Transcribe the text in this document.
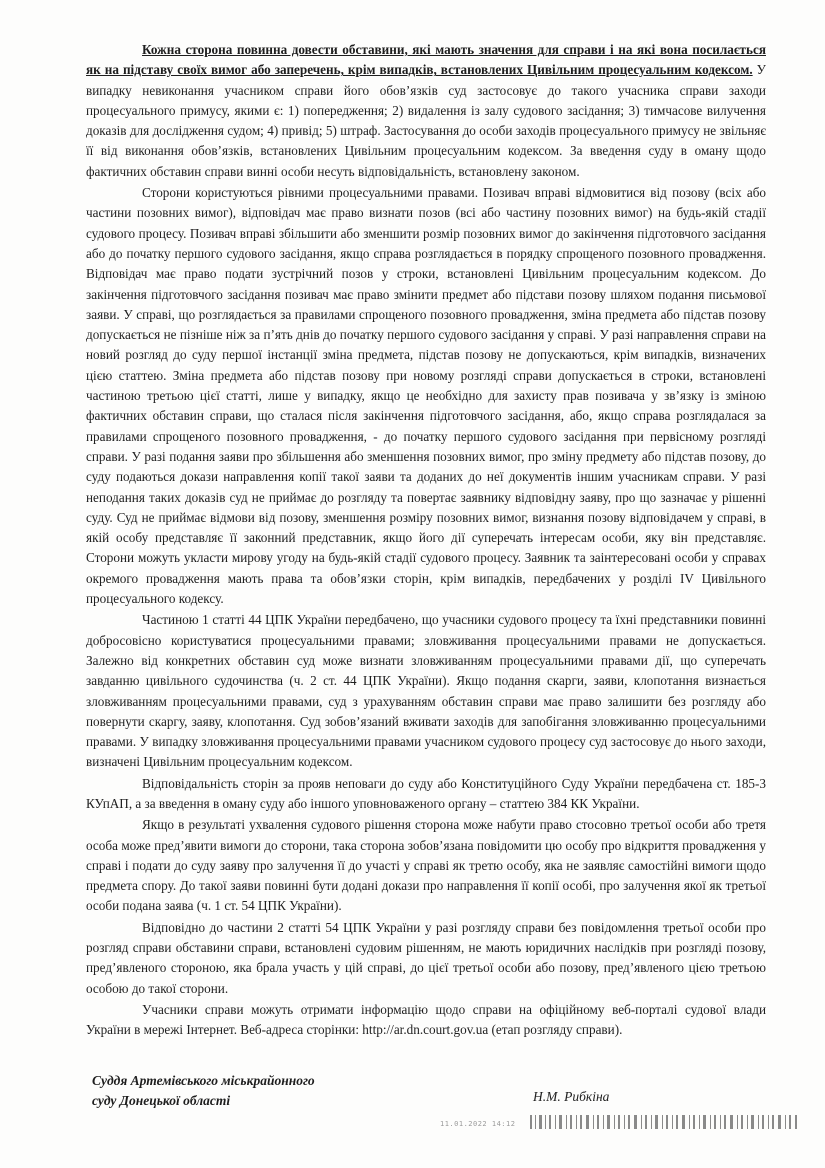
Кожна сторона повинна довести обставини, які мають значення для справи і на які вона посилається як на підставу своїх вимог або заперечень, крім випадків, встановлених Цивільним процесуальним кодексом. У випадку невиконання учасником справи його обов’язків суд застосовує до такого учасника справи заходи процесуального примусу, якими є: 1) попередження; 2) видалення із залу судового засідання; 3) тимчасове вилучення доказів для дослідження судом; 4) привід; 5) штраф. Застосування до особи заходів процесуального примусу не звільняє її від виконання обов’язків, встановлених Цивільним процесуальним кодексом. За введення суду в оману щодо фактичних обставин справи винні особи несуть відповідальність, встановлену законом.

Сторони користуються рівними процесуальними правами. Позивач вправі відмовитися від позову (всіх або частини позовних вимог), відповідач має право визнати позов (всі або частину позовних вимог) на будь-якій стадії судового процесу. Позивач вправі збільшити або зменшити розмір позовних вимог до закінчення підготовчого засідання або до початку першого судового засідання, якщо справа розглядається в порядку спрощеного позовного провадження. Відповідач має право подати зустрічний позов у строки, встановлені Цивільним процесуальним кодексом. До закінчення підготовчого засідання позивач має право змінити предмет або підстави позову шляхом подання письмової заяви. У справі, що розглядається за правилами спрощеного позовного провадження, зміна предмета або підстав позову допускається не пізніше ніж за п’ять днів до початку першого судового засідання у справі. У разі направлення справи на новий розгляд до суду першої інстанції зміна предмета, підстав позову не допускаються, крім випадків, визначених цією статтею. Зміна предмета або підстав позову при новому розгляді справи допускається в строки, встановлені частиною третьою цієї статті, лише у випадку, якщо це необхідно для захисту прав позивача у зв’язку із зміною фактичних обставин справи, що сталася після закінчення підготовчого засідання, або, якщо справа розглядалася за правилами спрощеного позовного провадження, - до початку першого судового засідання при первісному розгляді справи. У разі подання заяви про збільшення або зменшення позовних вимог, про зміну предмету або підстав позову, до суду подаються докази направлення копії такої заяви та доданих до неї документів іншим учасникам справи. У разі неподання таких доказів суд не приймає до розгляду та повертає заявнику відповідну заяву, про що зазначає у рішенні суду. Суд не приймає відмови від позову, зменшення розміру позовних вимог, визнання позову відповідачем у справі, в якій особу представляє її законний представник, якщо його дії суперечать інтересам особи, яку він представляє. Сторони можуть укласти мирову угоду на будь-якій стадії судового процесу. Заявник та заінтересовані особи у справах окремого провадження мають права та обов’язки сторін, крім випадків, передбачених у розділі IV Цивільного процесуального кодексу.

Частиною 1 статті 44 ЦПК України передбачено, що учасники судового процесу та їхні представники повинні добросовісно користуватися процесуальними правами; зловживання процесуальними правами не допускається. Залежно від конкретних обставин суд може визнати зловживанням процесуальними правами дії, що суперечать завданню цивільного судочинства (ч. 2 ст. 44 ЦПК України). Якщо подання скарги, заяви, клопотання визнається зловживанням процесуальними правами, суд з урахуванням обставин справи має право залишити без розгляду або повернути скаргу, заяву, клопотання. Суд зобов’язаний вживати заходів для запобігання зловживанню процесуальними правами. У випадку зловживання процесуальними правами учасником судового процесу суд застосовує до нього заходи, визначені Цивільним процесуальним кодексом.

Відповідальність сторін за прояв неповаги до суду або Конституційного Суду України передбачена ст. 185-3 КУпАП, а за введення в оману суду або іншого уповноваженого органу – статтею 384 КК України.

Якщо в результаті ухвалення судового рішення сторона може набути право стосовно третьої особи або третя особа може пред’явити вимоги до сторони, така сторона зобов’язана повідомити цю особу про відкриття провадження у справі і подати до суду заяву про залучення її до участі у справі як третю особу, яка не заявляє самостійні вимоги щодо предмета спору. До такої заяви повинні бути додані докази про направлення її копії особі, про залучення якої як третьої особи подана заява (ч. 1 ст. 54 ЦПК України).

Відповідно до частини 2 статті 54 ЦПК України у разі розгляду справи без повідомлення третьої особи про розгляд справи обставини справи, встановлені судовим рішенням, не мають юридичних наслідків при розгляді позову, пред’явленого стороною, яка брала участь у цій справі, до цієї третьої особи або позову, пред’явленого цією третьою особою до такої сторони.

Учасники справи можуть отримати інформацію щодо справи на офіційному веб-порталі судової влади України в мережі Інтернет. Веб-адреса сторінки: http://ar.dn.court.gov.ua (етап розгляду справи).

Суддя Артемівського міськрайонного
суду Донецької області	Н.М. Рибкіна
11.01.2022 14:12
